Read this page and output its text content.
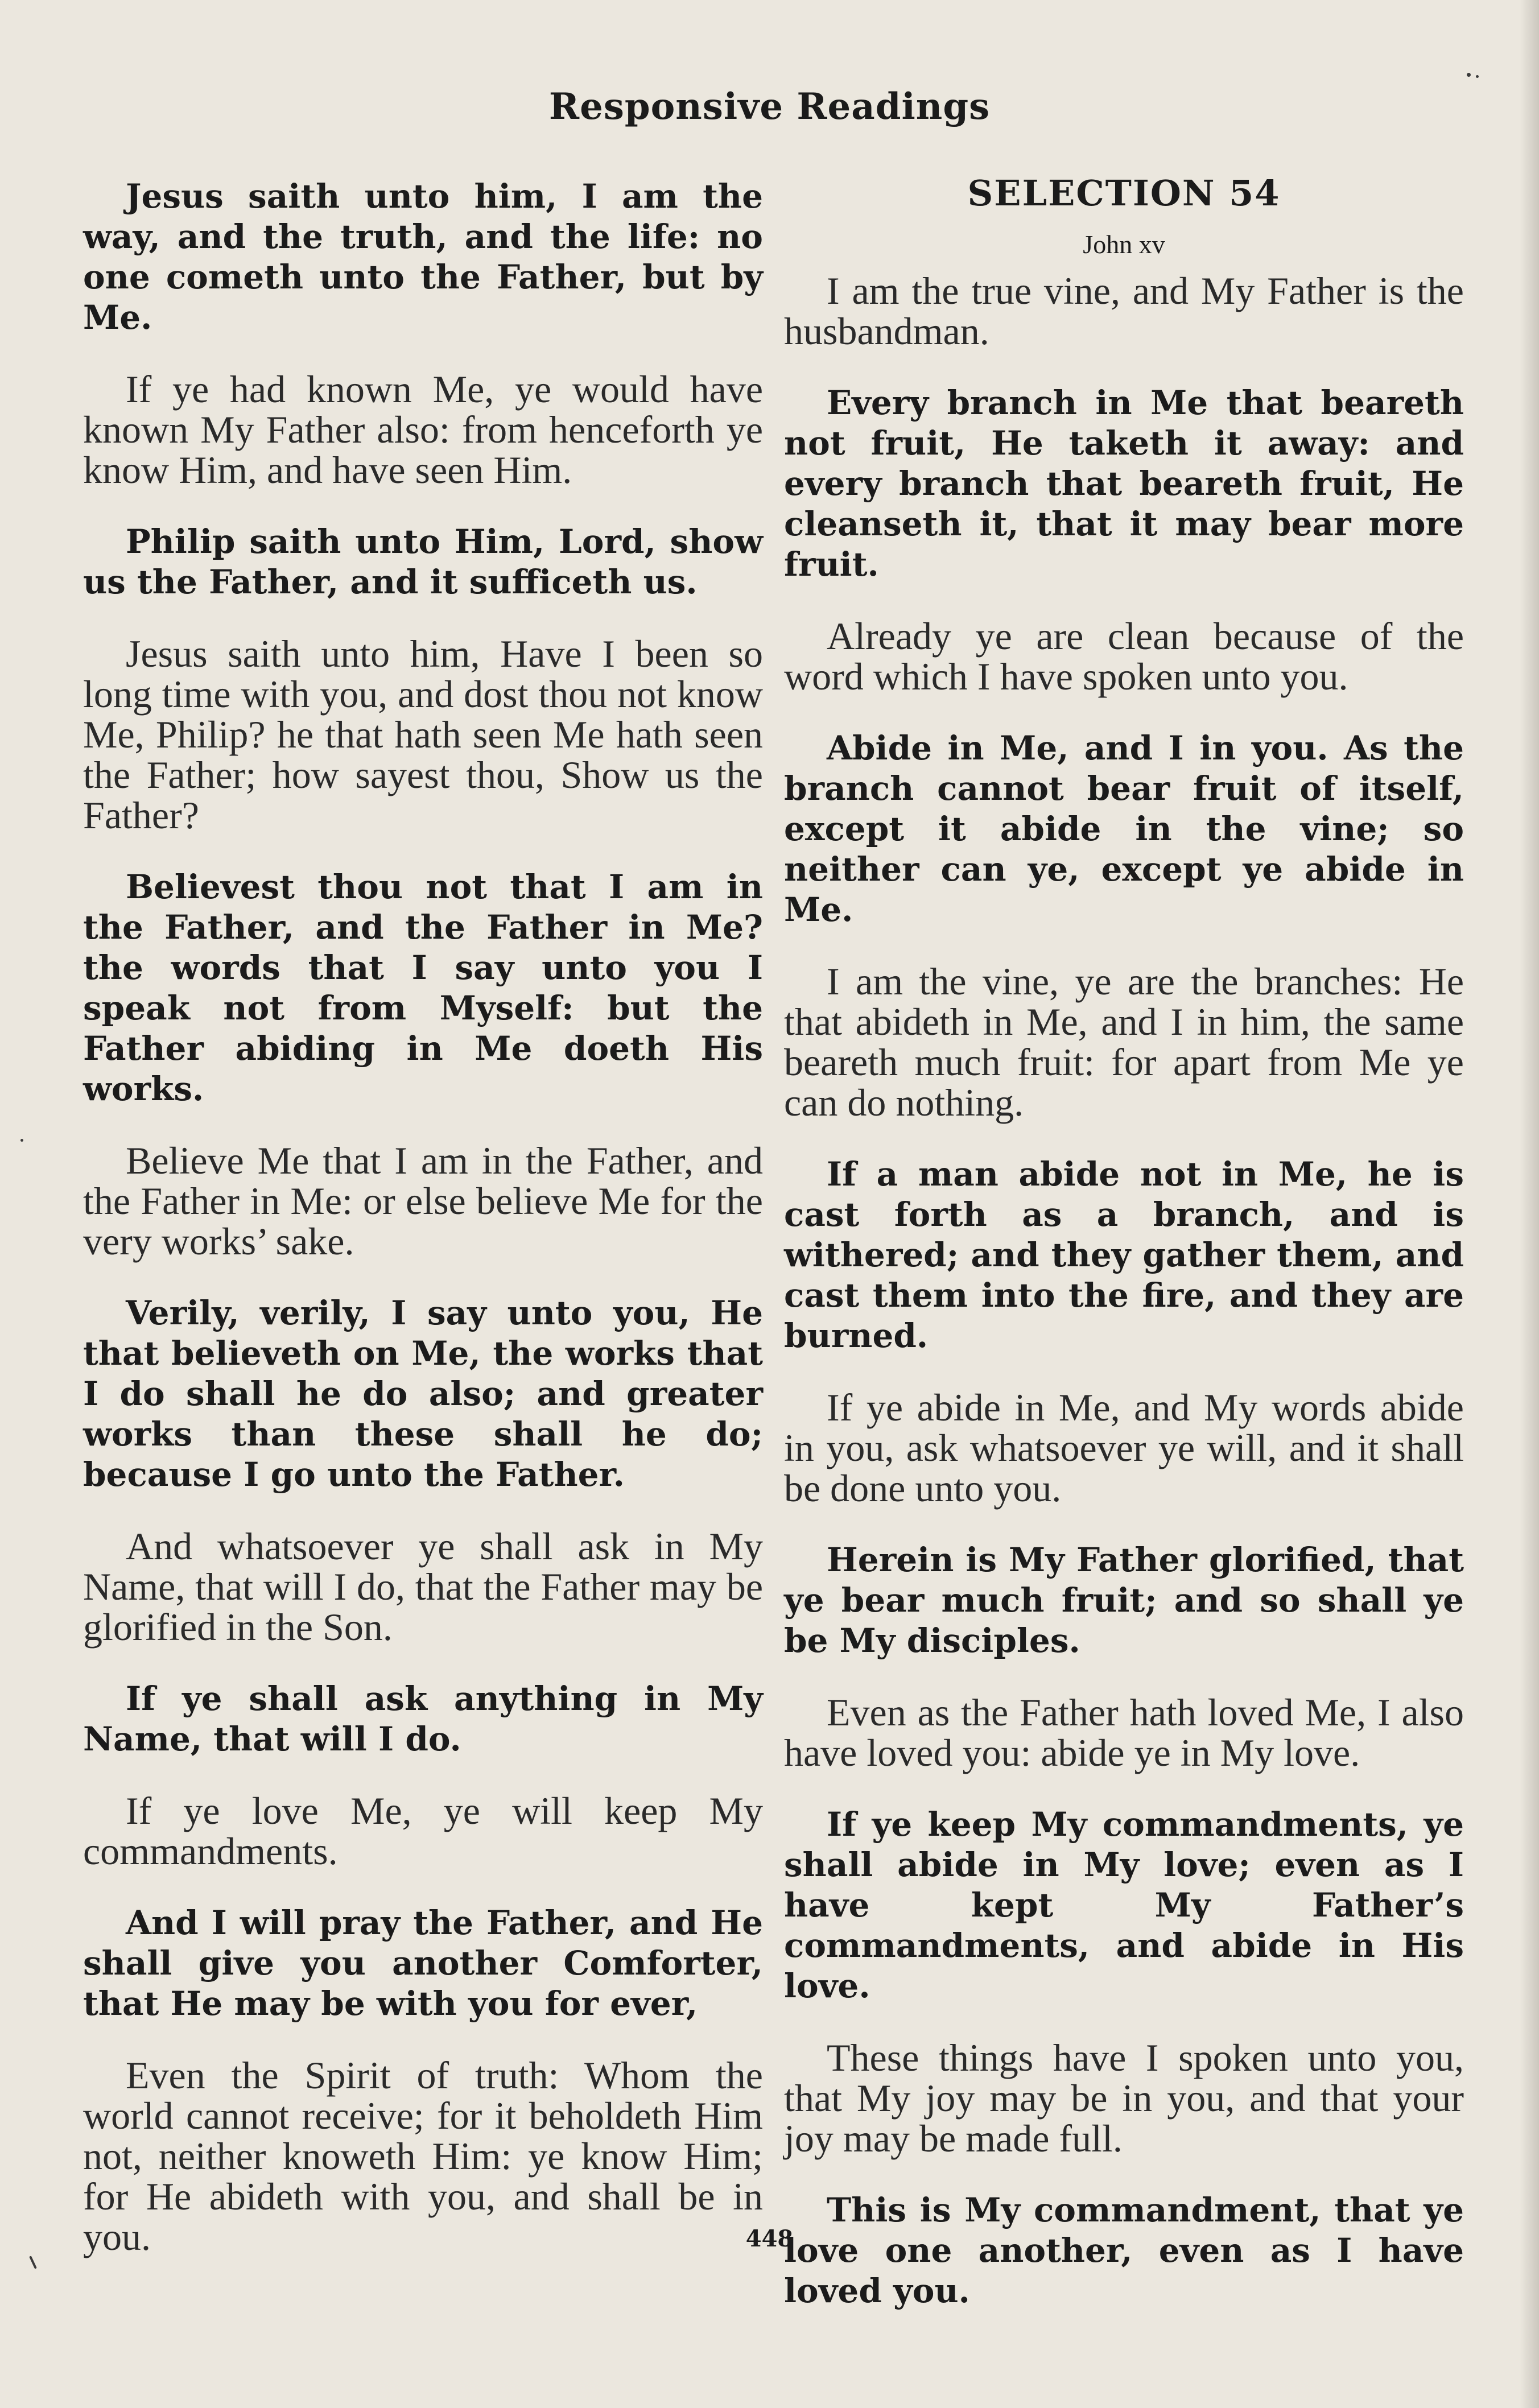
Responsive Readings

Jesus saith unto him, I am the way, and the truth, and the life: no one cometh unto the Father, but by Me.

If ye had known Me, ye would have known My Father also: from henceforth ye know Him, and have seen Him.

Philip saith unto Him, Lord, show us the Father, and it sufficeth us.

Jesus saith unto him, Have I been so long time with you, and dost thou not know Me, Philip? he that hath seen Me hath seen the Father; how sayest thou, Show us the Father?

Believest thou not that I am in the Father, and the Father in Me? the words that I say unto you I speak not from Myself: but the Father abiding in Me doeth His works.

Believe Me that I am in the Father, and the Father in Me: or else believe Me for the very works’ sake.

Verily, verily, I say unto you, He that believeth on Me, the works that I do shall he do also; and greater works than these shall he do; because I go unto the Father.

And whatsoever ye shall ask in My Name, that will I do, that the Father may be glorified in the Son.

If ye shall ask anything in My Name, that will I do.

If ye love Me, ye will keep My commandments.

And I will pray the Father, and He shall give you another Comforter, that He may be with you for ever,

Even the Spirit of truth: Whom the world cannot receive; for it beholdeth Him not, neither knoweth Him: ye know Him; for He abideth with you, and shall be in you.

SELECTION 54
John xv

I am the true vine, and My Father is the husbandman.

Every branch in Me that beareth not fruit, He taketh it away: and every branch that beareth fruit, He cleanseth it, that it may bear more fruit.

Already ye are clean because of the word which I have spoken unto you.

Abide in Me, and I in you. As the branch cannot bear fruit of itself, except it abide in the vine; so neither can ye, except ye abide in Me.

I am the vine, ye are the branches: He that abideth in Me, and I in him, the same beareth much fruit: for apart from Me ye can do nothing.

If a man abide not in Me, he is cast forth as a branch, and is withered; and they gather them, and cast them into the fire, and they are burned.

If ye abide in Me, and My words abide in you, ask whatsoever ye will, and it shall be done unto you.

Herein is My Father glorified, that ye bear much fruit; and so shall ye be My disciples.

Even as the Father hath loved Me, I also have loved you: abide ye in My love.

If ye keep My commandments, ye shall abide in My love; even as I have kept My Father’s commandments, and abide in His love.

These things have I spoken unto you, that My joy may be in you, and that your joy may be made full.

This is My commandment, that ye love one another, even as I have loved you.

448
